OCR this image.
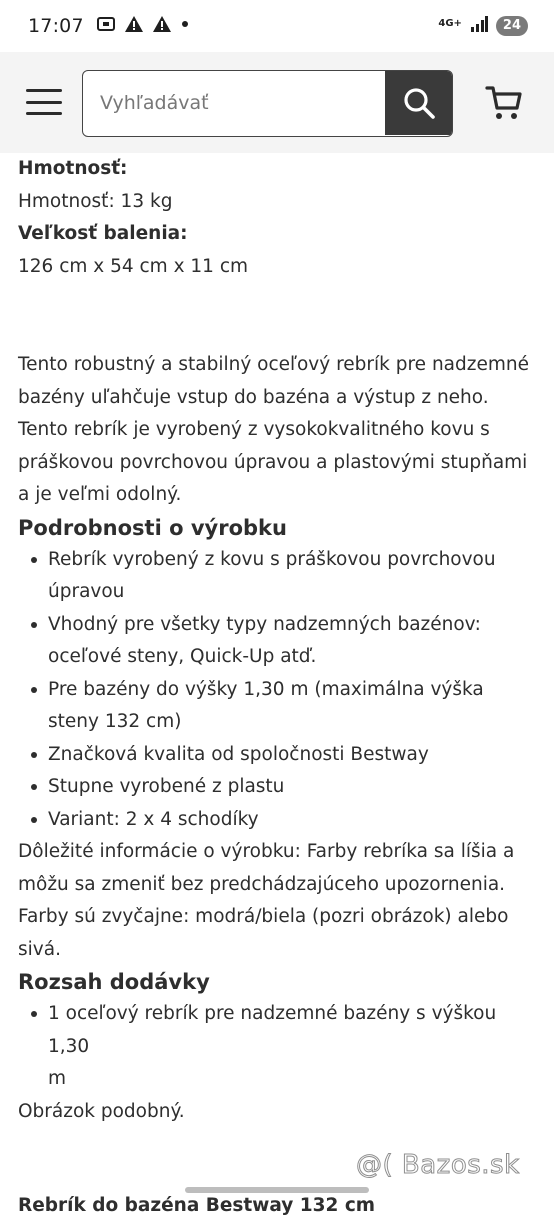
17:07	4G+	24
Vyhľadávať
Hmotnosť:
Hmotnosť: 13 kg
Veľkosť balenia:
126 cm x 54 cm x 11 cm
Tento robustný a stabilný oceľový rebrík pre nadzemné
bazény uľahčuje vstup do bazéna a výstup z neho.
Tento rebrík je vyrobený z vysokokvalitného kovu s
práškovou povrchovou úpravou a plastovými stupňami
a je veľmi odolný.
Podrobnosti o výrobku
Rebrík vyrobený z kovu s práškovou povrchovou
úpravou
Vhodný pre všetky typy nadzemných bazénov:
oceľové steny, Quick-Up atď.
Pre bazény do výšky 1,30 m (maximálna výška
steny 132 cm)
Značková kvalita od spoločnosti Bestway
Stupne vyrobené z plastu
Variant: 2 x 4 schodíky
Dôležité informácie o výrobku: Farby rebríka sa líšia a
môžu sa zmeniť bez predchádzajúceho upozornenia.
Farby sú zvyčajne: modrá/biela (pozri obrázok) alebo
sivá.
Rozsah dodávky
1 oceľový rebrík pre nadzemné bazény s výškou 1,30
m
Obrázok podobný.
Rebrík do bazéna Bestway 132 cm
@( Bazos.sk
